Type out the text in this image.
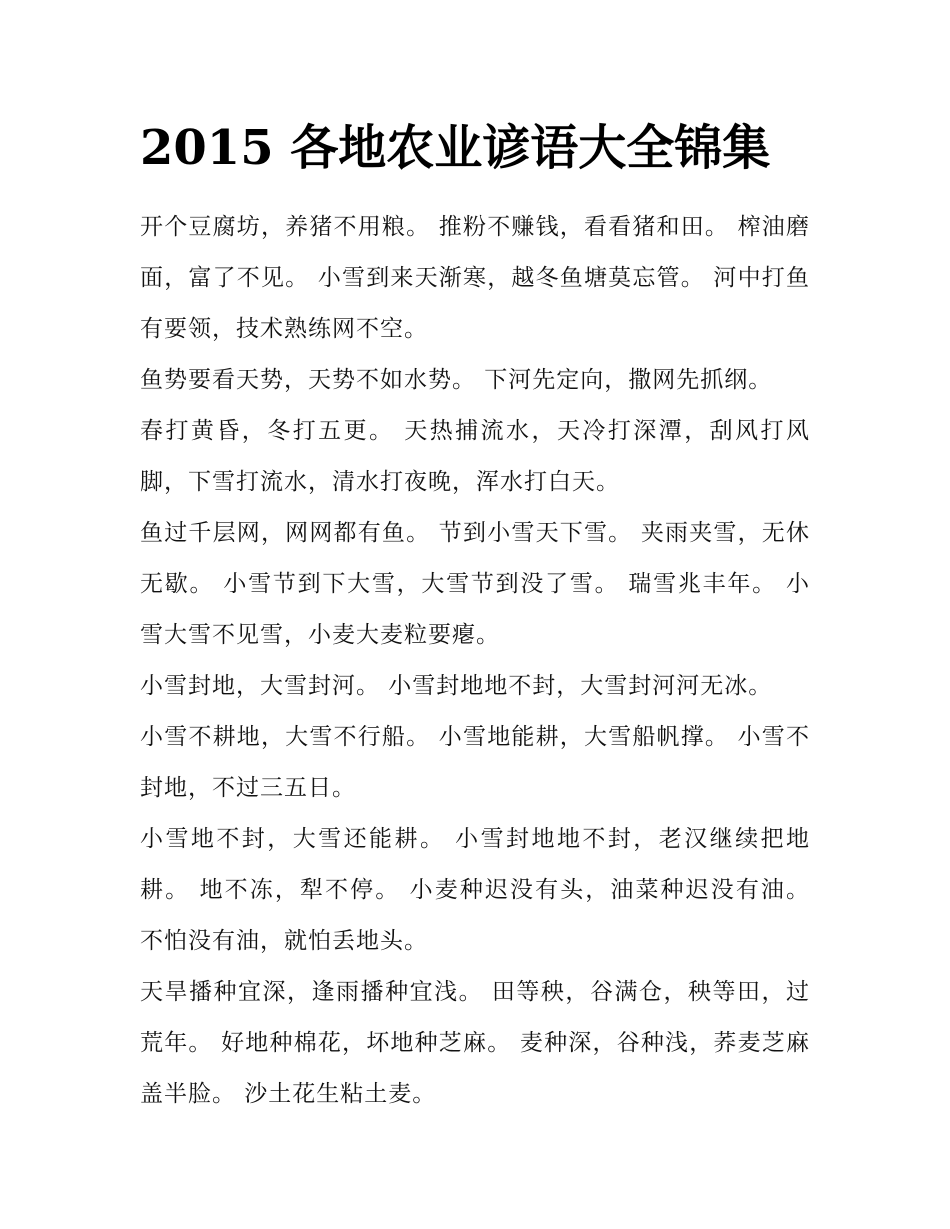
2015 各地农业谚语大全锦集

开个豆腐坊，养猪不用粮。 推粉不赚钱，看看猪和田。 榨油磨面，富了不见。 小雪到来天渐寒，越冬鱼塘莫忘管。 河中打鱼有要领，技术熟练网不空。

鱼势要看天势，天势不如水势。 下河先定向，撒网先抓纲。

春打黄昏，冬打五更。 天热捕流水，天冷打深潭，刮风打风脚，下雪打流水，清水打夜晚，浑水打白天。

鱼过千层网，网网都有鱼。 节到小雪天下雪。 夹雨夹雪，无休无歇。 小雪节到下大雪，大雪节到没了雪。 瑞雪兆丰年。 小雪大雪不见雪，小麦大麦粒要瘪。

小雪封地，大雪封河。 小雪封地地不封，大雪封河河无冰。

小雪不耕地，大雪不行船。 小雪地能耕，大雪船帆撑。 小雪不封地，不过三五日。

小雪地不封，大雪还能耕。 小雪封地地不封，老汉继续把地耕。 地不冻，犁不停。 小麦种迟没有头，油菜种迟没有油。 不怕没有油，就怕丢地头。

天旱播种宜深，逢雨播种宜浅。 田等秧，谷满仓，秧等田，过荒年。 好地种棉花，坏地种芝麻。 麦种深，谷种浅，荞麦芝麻盖半脸。 沙土花生粘土麦。
